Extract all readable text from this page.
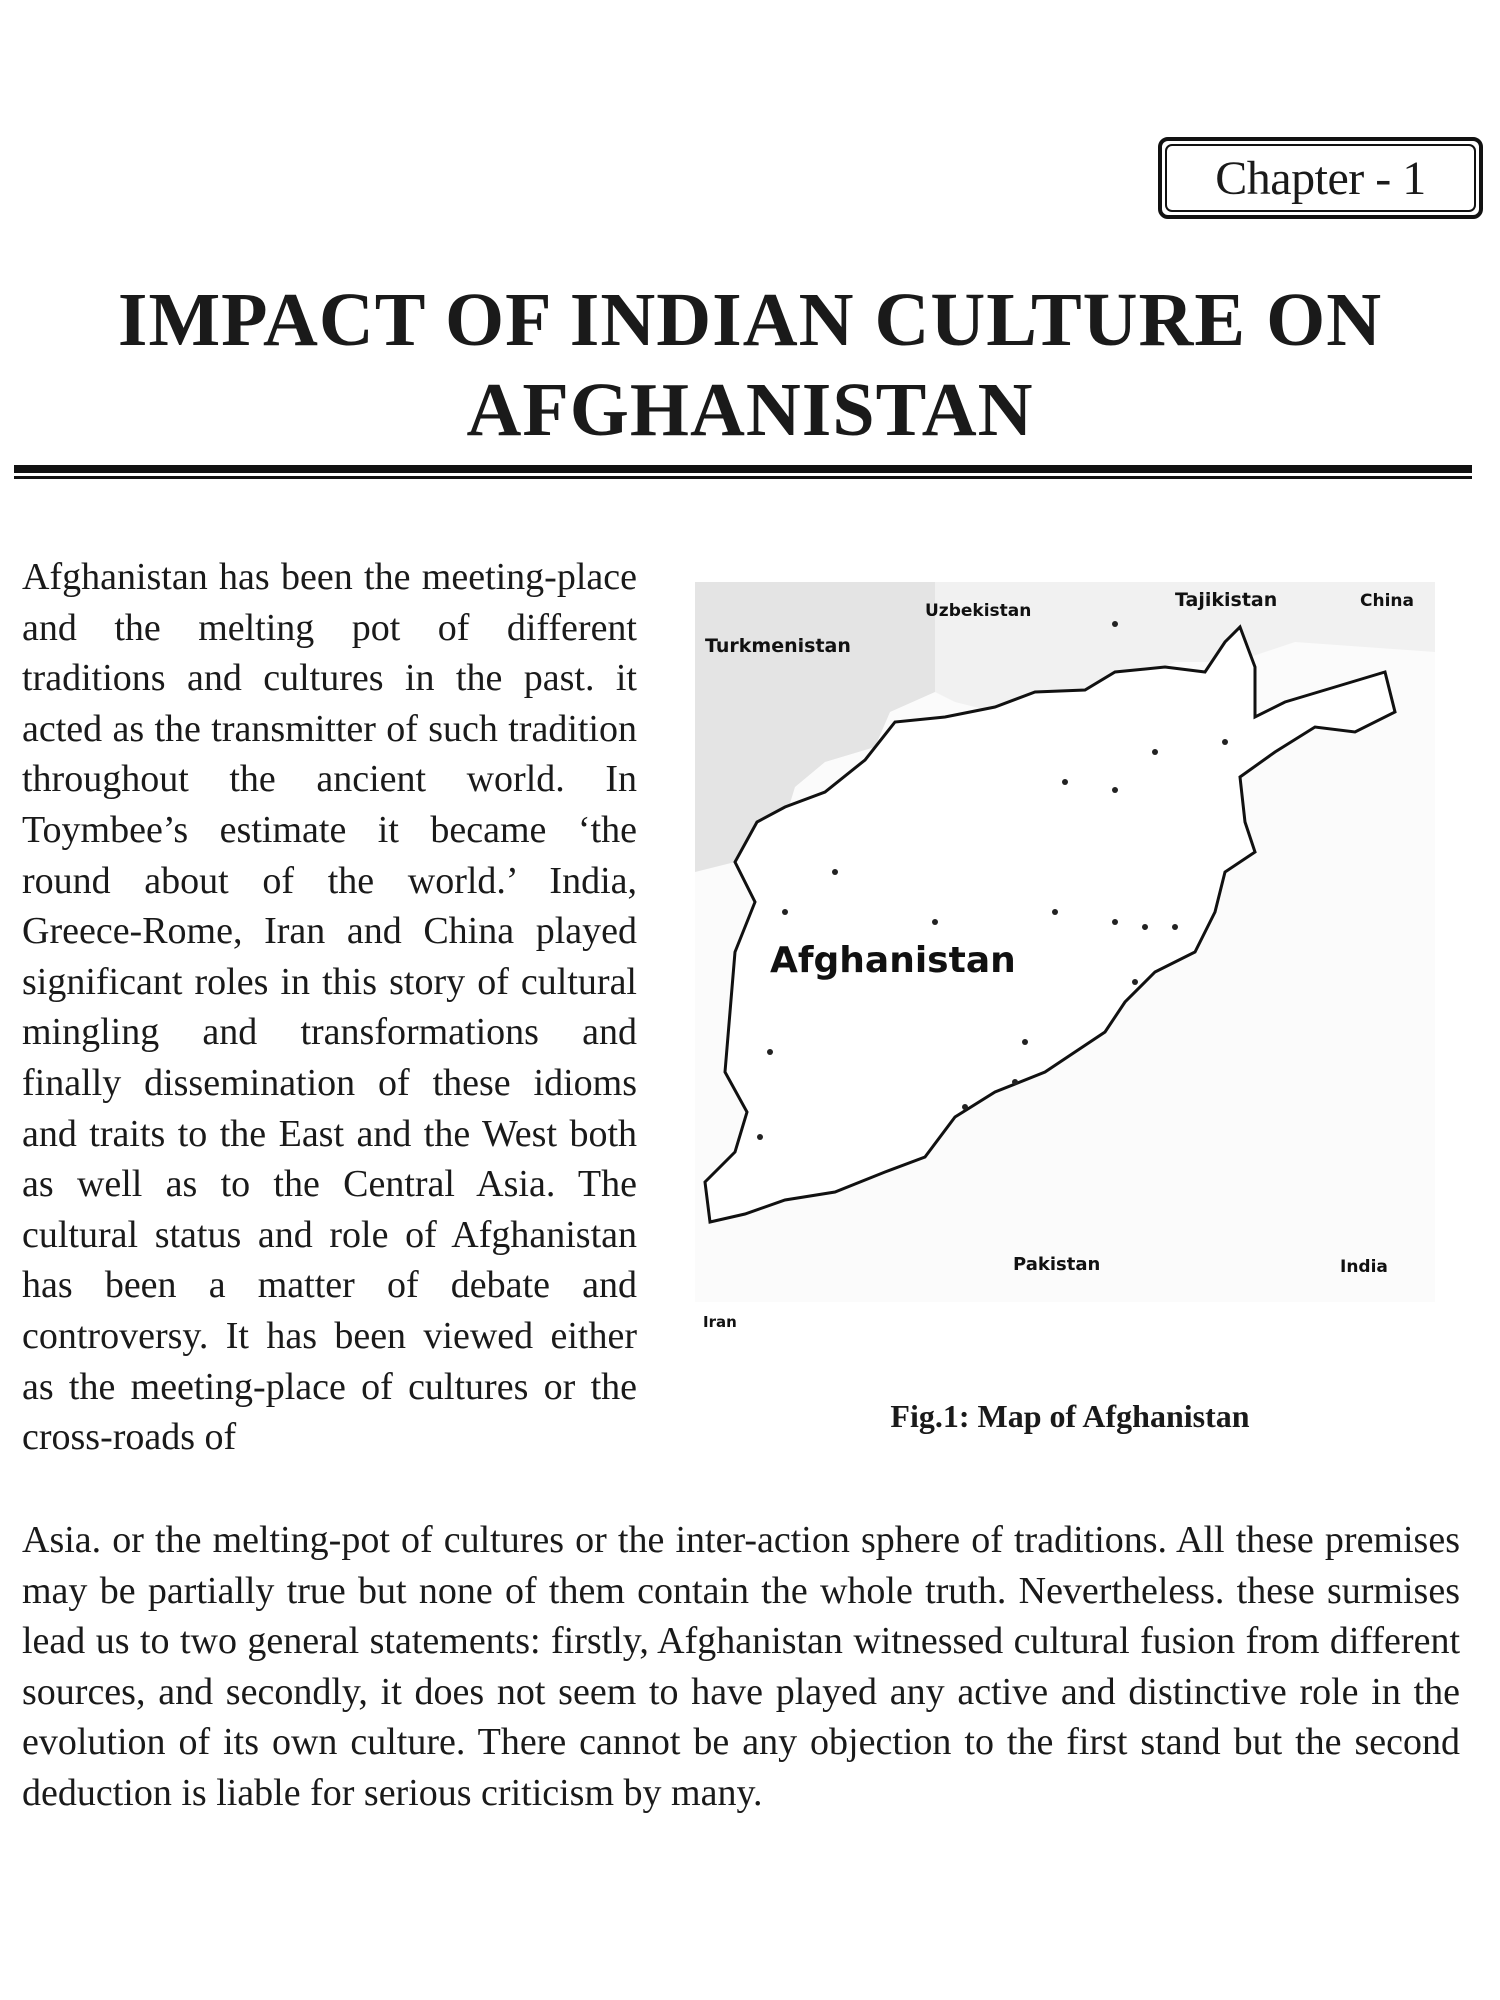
Chapter - 1
IMPACT OF INDIAN CULTURE ON
AFGHANISTAN

Afghanistan has been the meeting-place and the melting pot of different traditions and cultures in the past. it acted as the transmitter of such tradition throughout the ancient world. In Toymbee’s estimate it became ‘the round about of the world.’ India, Greece-Rome, Iran and China played significant roles in this story of cultural mingling and transformations and finally dissemination of these idioms and traits to the East and the West both as well as to the Central Asia. The cultural status and role of Afghanistan has been a matter of debate and controversy. It has been viewed either as the meeting-place of cultures or the cross-roads of

Uzbekistan	Tajikistan	China
Turkmenistan
Afghanistan
Pakistan	India
Iran

Fig.1: Map of Afghanistan

Asia. or the melting-pot of cultures or the inter-action sphere of traditions. All these premises may be partially true but none of them contain the whole truth. Nevertheless. these surmises lead us to two general statements: firstly, Afghanistan witnessed cultural fusion from different sources, and secondly, it does not seem to have played any active and distinctive role in the evolution of its own culture. There cannot be any objection to the first stand but the second deduction is liable for serious criticism by many.
